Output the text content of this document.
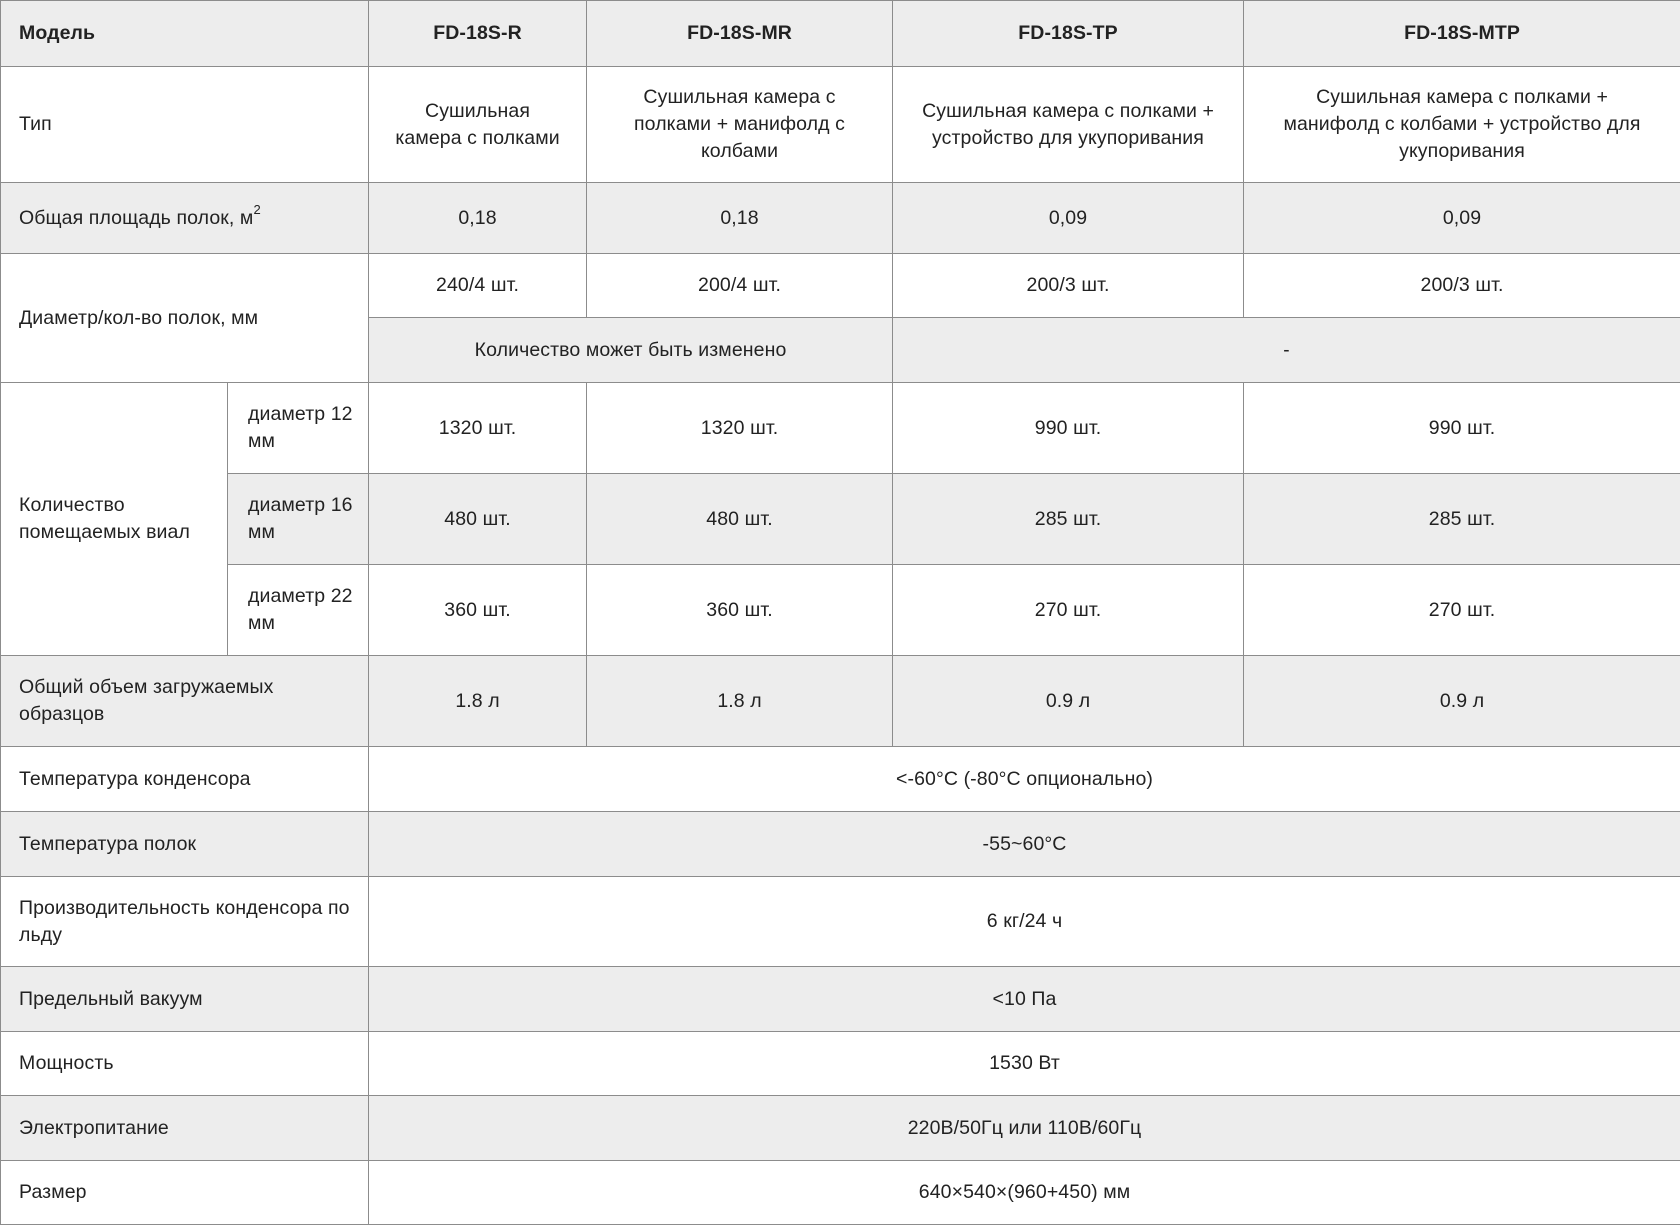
Модель		FD-18S-R	FD-18S-MR	FD-18S-TP	FD-18S-MTP
Тип		Сушильная камера с полками	Сушильная камера с полками + манифолд с колбами	Сушильная камера с полками + устройство для укупоривания	Сушильная камера с полками + манифолд с колбами + устройство для укупоривания
Общая площадь полок, $м^2$		0,18	0,18	0,09	0,09
Диаметр/кол-во полок, мм		240/4 шт.	200/4 шт.	200/3 шт.	200/3 шт.
		Количество может быть изменено		-	
Количество помещаемых виал	диаметр 12 мм	1320 шт.	1320 шт.	990 шт.	990 шт.
	диаметр 16 мм	480 шт.	480 шт.	285 шт.	285 шт.
	диаметр 22 мм	360 шт.	360 шт.	270 шт.	270 шт.
Общий объем загружаемых образцов		1.8 л	1.8 л	0.9 л	0.9 л
Температура конденсора		<-60°C (-80°C опционально)			
Температура полок		-55~60°C			
Производительность конденсора по льду		6 кг/24 ч			
Предельный вакуум		<10 Па			
Мощность		1530 Вт			
Электропитание		220В/50Гц или 110В/60Гц			
Размер		640×540×(960+450) мм			
